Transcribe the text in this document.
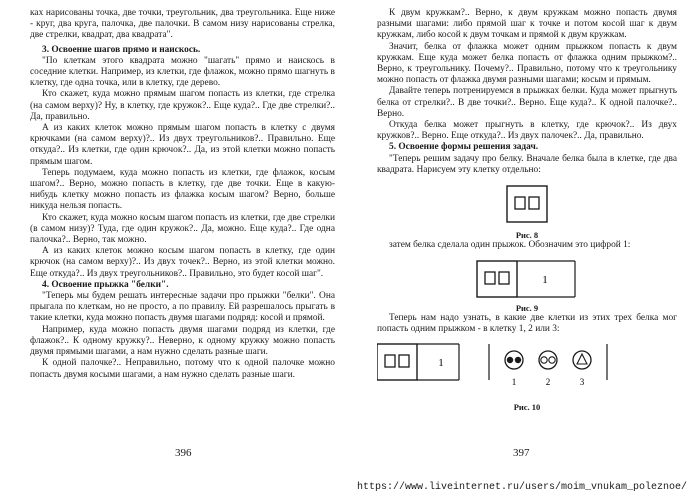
ках нарисованы точка, две точки, треугольник, два треугольника. Еще ниже - круг, два круга, палочка, две палочки. В самом низу нарисованы стрелка, две стрелки, квадрат, два квадрата".
3. Освоение шагов прямо и наискось.
"По клеткам этого квадрата можно "шагать" прямо и наискось в соседние клетки. Например, из клетки, где флажок, можно прямо шагнуть в клетку, где одна точка, или в клетку, где дерево.
Кто скажет, куда можно прямым шагом попасть из клетки, где стрелка (на самом верху)? Ну, в клетку, где кружок?.. Еще куда?.. Где две стрелки?.. Да, правильно.
А из каких клеток можно прямым шагом попасть в клетку с двумя крючками (на самом верху)?.. Из двух треугольников?.. Правильно. Еще откуда?.. Из клетки, где один крючок?.. Да, из этой клетки можно попасть прямым шагом.
Теперь подумаем, куда можно попасть из клетки, где флажок, косым шагом?.. Верно, можно попасть в клетку, где две точки. Еще в какую-нибудь клетку можно попасть из флажка косым шагом? Верно, больше никуда нельзя попасть.
Кто скажет, куда можно косым шагом попасть из клетки, где две стрелки (в самом низу)? Туда, где один кружок?.. Да, можно. Еще куда?.. Где одна палочка?.. Верно, так можно.
А из каких клеток можно косым шагом попасть в клетку, где один крючок (на самом верху)?.. Из двух точек?.. Верно, из этой клетки можно. Еще откуда?.. Из двух треугольников?.. Правильно, это будет косой шаг".
4. Освоение прыжка "белки".
"Теперь мы будем решать интересные задачи про прыжки "белки". Она прыгала по клеткам, но не просто, а по правилу. Ей разрешалось прыгать в такие клетки, куда можно попасть двумя шагами подряд: косой и прямой.
Например, куда можно попасть двумя шагами подряд из клетки, где флажок?.. К одному кружку?.. Неверно, к одному кружку можно попасть двумя прямыми шагами, а нам нужно сделать разные шаги.
К одной палочке?.. Неправильно, потому что к одной палочке можно попасть двумя косыми шагами, а нам нужно сделать разные шаги.
396
К двум кружкам?.. Верно, к двум кружкам можно попасть двумя разными шагами: либо прямой шаг к точке и потом косой шаг к двум кружкам, либо косой к двум точкам и прямой к двум кружкам.
Значит, белка от флажка может одним прыжком попасть к двум кружкам. Еще куда может белка попасть от флажка одним прыжком?.. Верно, к треугольнику. Почему?.. Правильно, потому что к треугольнику можно попасть от флажка двумя разными шагами; косым и прямым.
Давайте теперь потренируемся в прыжках белки. Куда может прыгнуть белка от стрелки?.. В две точки?.. Верно. Еще куда?.. К одной палочке?.. Верно.
Откуда белка может прыгнуть в клетку, где крючок?.. Из двух кружков?.. Верно. Еще откуда?.. Из двух палочек?.. Да, правильно.
5. Освоение формы решения задач.
"Теперь решим задачу про белку. Вначале белка была в клетке, где два квадрата. Нарисуем эту клетку отдельно:
Рис. 8
затем белка сделала один прыжок. Обозначим это цифрой 1:
1
Рис. 9
Теперь нам надо узнать, в какие две клетки из этих трех белка мог попасть одним прыжком - в клетку 1, 2 или 3:
1
1	2	3
Рис. 10
397
https://www.liveinternet.ru/users/moim_vnukam_poleznoe/
